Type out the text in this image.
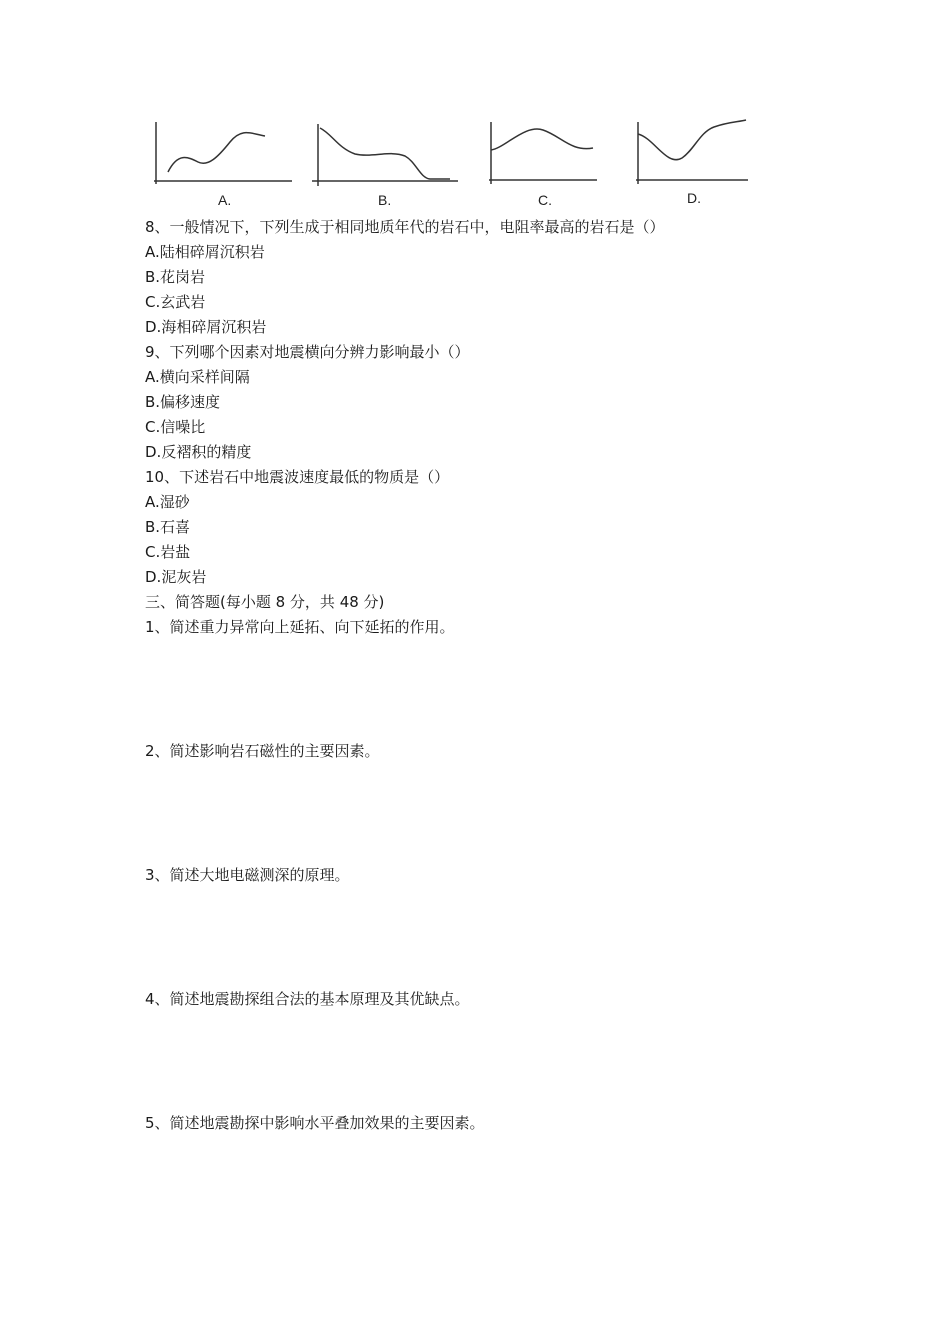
A.	B.	C.	D.
8、一般情况下，下列生成于相同地质年代的岩石中，电阻率最高的岩石是（）
A.陆相碎屑沉积岩
B.花岗岩
C.玄武岩
D.海相碎屑沉积岩
9、下列哪个因素对地震横向分辨力影响最小（）
A.横向采样间隔
B.偏移速度
C.信噪比
D.反褶积的精度
10、下述岩石中地震波速度最低的物质是（）
A.湿砂
B.石喜
C.岩盐
D.泥灰岩
三、简答题(每小题 8 分，共 48 分)
1、简述重力异常向上延拓、向下延拓的作用。
2、简述影响岩石磁性的主要因素。
3、简述大地电磁测深的原理。
4、简述地震勘探组合法的基本原理及其优缺点。
5、简述地震勘探中影响水平叠加效果的主要因素。
